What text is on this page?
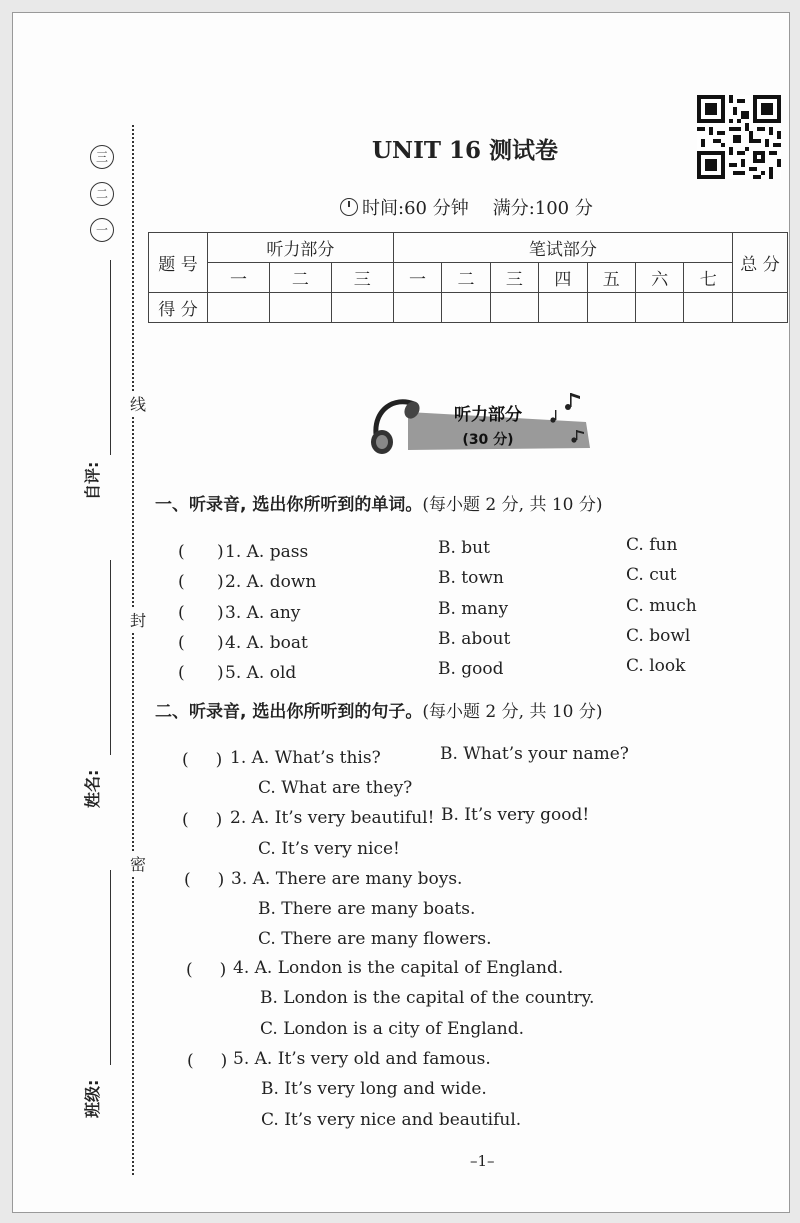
线
封
密
三
二
一
自评:
姓名:
班级:
UNIT 16 测试卷
时间:60 分钟 满分:100 分
题 号	听力部分			笔试部分							总 分
	一	二	三	一	二	三	四	五	六	七	
得 分											
听力部分
(30 分)
一、听录音, 选出你所听到的单词。(每小题 2 分, 共 10 分)
(      ) 1. A. pass	B. but	C. fun
(      ) 2. A. down	B. town	C. cut
(      ) 3. A. any	B. many	C. much
(      ) 4. A. boat	B. about	C. bowl
(      ) 5. A. old	B. good	C. look
二、听录音, 选出你所听到的句子。(每小题 2 分, 共 10 分)
(     ) 1. A. What’s this?	B. What’s your name?
C. What are they?
(     ) 2. A. It’s very beautiful! B. It’s very good!
C. It’s very nice!
(     ) 3. A. There are many boys.
B. There are many boats.
C. There are many flowers.
(     ) 4. A. London is the capital of England.
B. London is the capital of the country.
C. London is a city of England.
(     ) 5. A. It’s very old and famous.
B. It’s very long and wide.
C. It’s very nice and beautiful.
–1–
